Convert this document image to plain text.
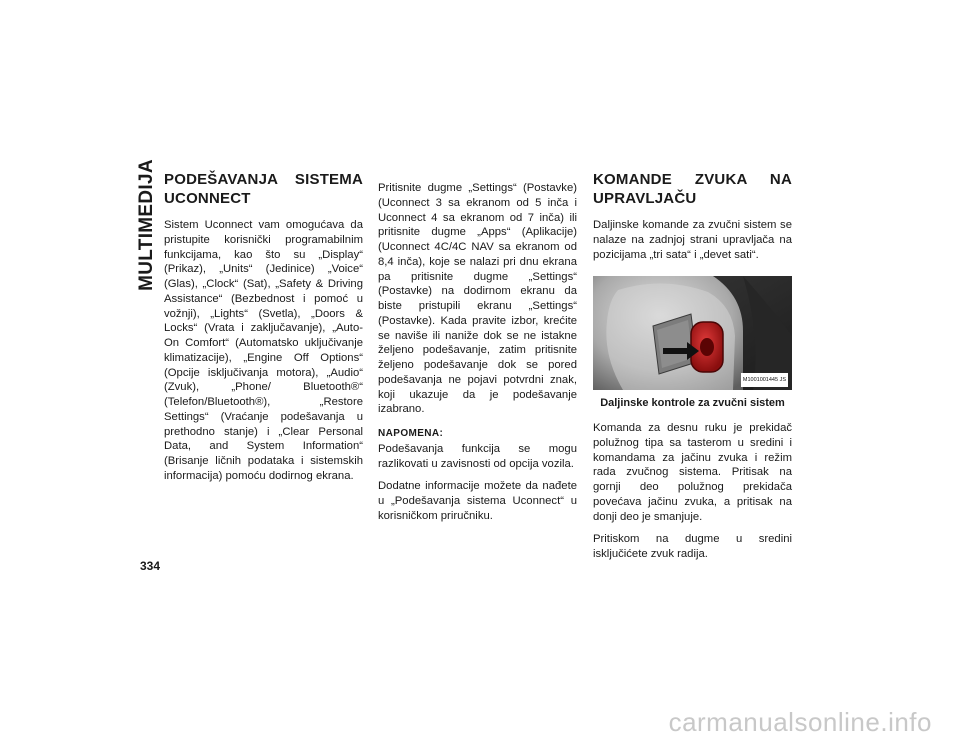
MULTIMEDIJA PODEŠAVANJA SISTEMA UCONNECT

Sistem Uconnect vam omogućava da pristupite korisnički programabilnim funkcijama, kao što su „Display“ (Prikaz), „Units“ (Jedinice) „Voice“ (Glas), „Clock“ (Sat), „Safety & Driving Assistance“ (Bezbednost i pomoć u vožnji), „Lights“ (Svetla), „Doors & Locks“ (Vrata i zaključavanje), „Auto-On Comfort“ (Automatsko uključivanje klimatizacije), „Engine Off Options“ (Opcije isključivanja motora), „Audio“ (Zvuk), „Phone/ Bluetooth®“ (Telefon/Bluetooth®), „Restore Settings“ (Vraćanje podešavanja u prethodno stanje) i „Clear Personal Data, and System Information“ (Brisanje ličnih podataka i sistemskih informacija) pomoću dodirnog ekrana.

Pritisnite dugme „Settings“ (Postavke) (Uconnect 3 sa ekranom od 5 inča i Uconnect 4 sa ekranom od 7 inča) ili pritisnite dugme „Apps“ (Aplikacije) (Uconnect 4C/4C NAV sa ekranom od 8,4 inča), koje se nalazi pri dnu ekrana pa pritisnite dugme „Settings“ (Postavke) na dodirnom ekranu da biste pristupili ekranu „Settings“ (Postavke). Kada pravite izbor, krećite se naviše ili naniže dok se ne istakne željeno podešavanje, zatim pritisnite željeno podešavanje dok se pored podešavanja ne pojavi potvrdni znak, koji ukazuje da je podešavanje izabrano.

NAPOMENA:

Podešavanja funkcija se mogu razlikovati u zavisnosti od opcija vozila.

Dodatne informacije možete da nađete u „Podešavanja sistema Uconnect“ u korisničkom priručniku.

KOMANDE ZVUKA NA UPRAVLJAČU

Daljinske komande za zvučni sistem se nalaze na zadnjoj strani upravljača na pozicijama „tri sata“ i „devet sati“.

M1001001445 JS
Daljinske kontrole za zvučni sistem

Komanda za desnu ruku je prekidač polužnog tipa sa tasterom u sredini i komandama za jačinu zvuka i režim rada zvučnog sistema. Pritisak na gornji deo polužnog prekidača povećava jačinu zvuka, a pritisak na donji deo je smanjuje.

Pritiskom na dugme u sredini isključićete zvuk radija.

334
carmanualsonline.info
